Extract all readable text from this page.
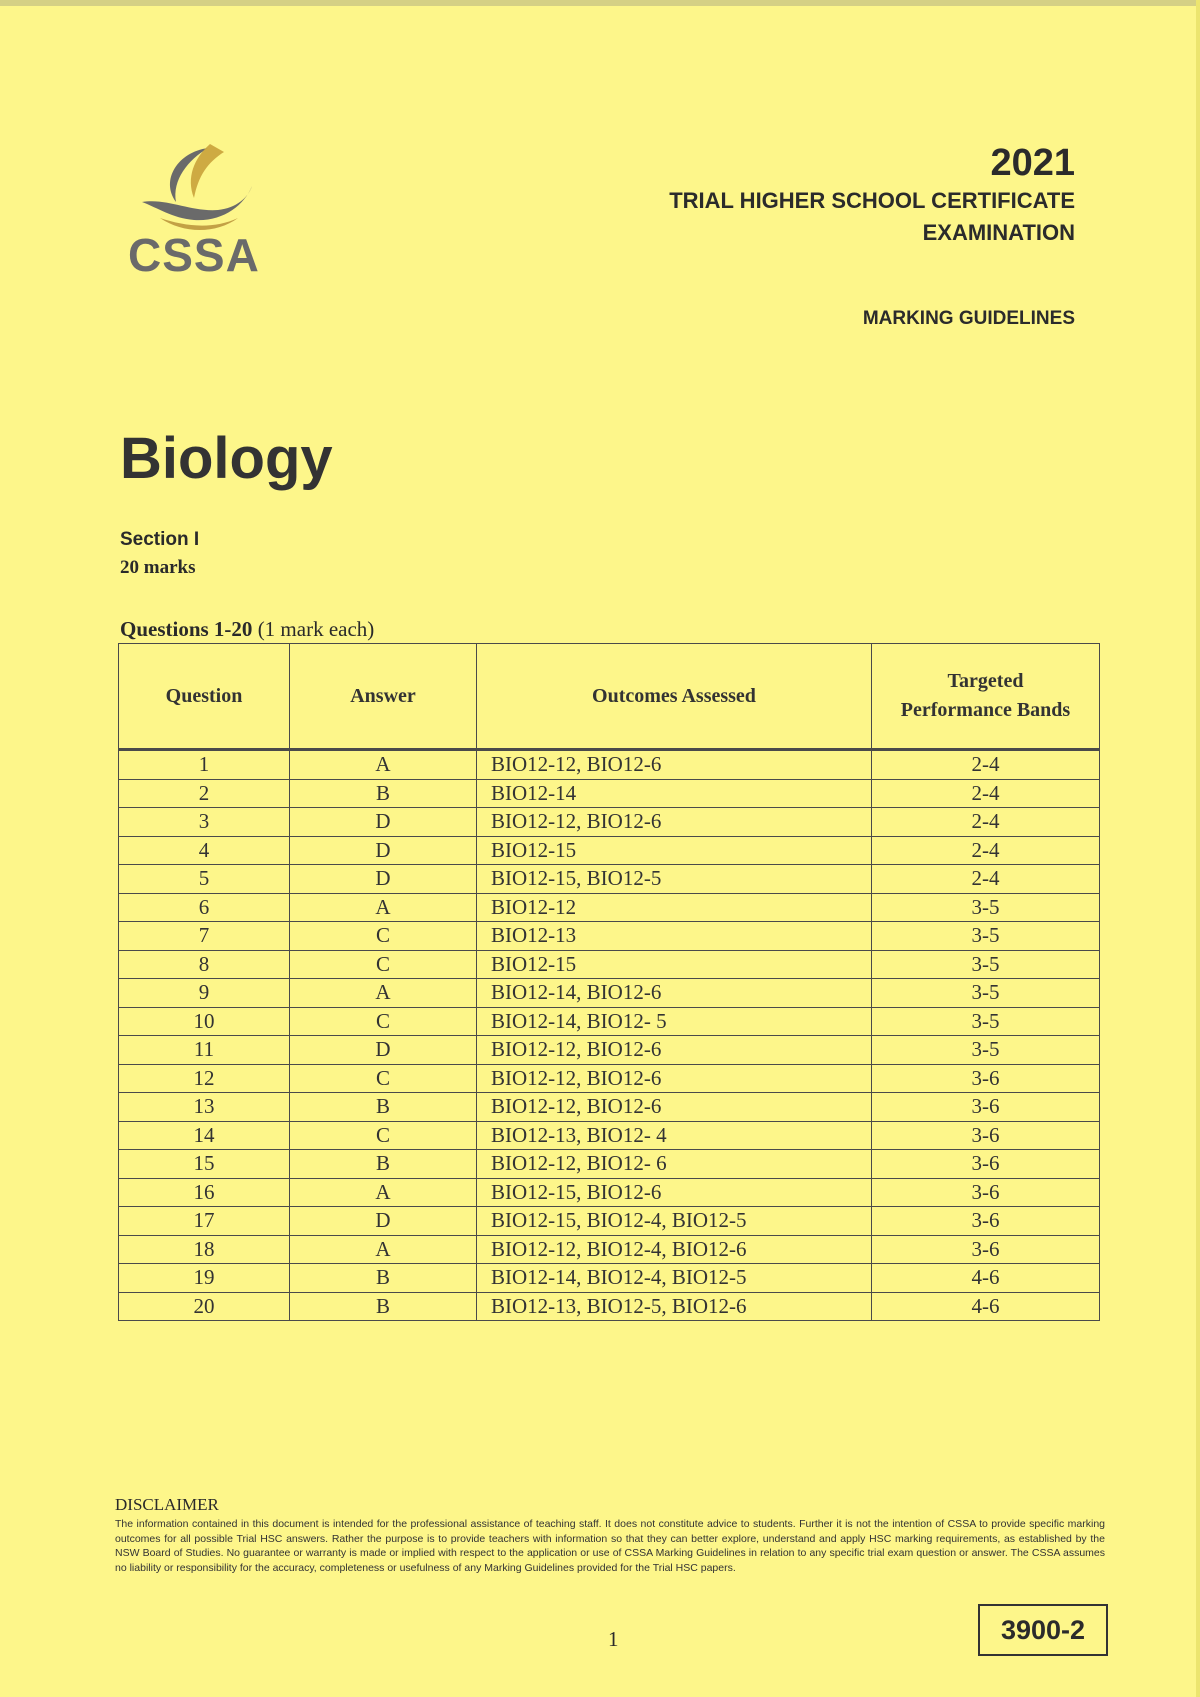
CSSA
2021
TRIAL HIGHER SCHOOL CERTIFICATE
EXAMINATION
MARKING GUIDELINES
Biology
Section I
20 marks
Questions 1-20 (1 mark each)
Question	Answer	Outcomes Assessed	Targeted
Performance Bands

1	A	BIO12-12, BIO12-6	2-4
2	B	BIO12-14	2-4
3	D	BIO12-12, BIO12-6	2-4
4	D	BIO12-15	2-4
5	D	BIO12-15, BIO12-5	2-4
6	A	BIO12-12	3-5
7	C	BIO12-13	3-5
8	C	BIO12-15	3-5
9	A	BIO12-14, BIO12-6	3-5
10	C	BIO12-14, BIO12- 5	3-5
11	D	BIO12-12, BIO12-6	3-5
12	C	BIO12-12, BIO12-6	3-6
13	B	BIO12-12, BIO12-6	3-6
14	C	BIO12-13, BIO12- 4	3-6
15	B	BIO12-12, BIO12- 6	3-6
16	A	BIO12-15, BIO12-6	3-6
17	D	BIO12-15, BIO12-4, BIO12-5	3-6
18	A	BIO12-12, BIO12-4, BIO12-6	3-6
19	B	BIO12-14, BIO12-4, BIO12-5	4-6
20	B	BIO12-13, BIO12-5, BIO12-6	4-6
DISCLAIMER
The information contained in this document is intended for the professional assistance of teaching staff. It does not constitute advice to students. Further it is not the intention of CSSA to provide specific marking outcomes for all possible Trial HSC answers. Rather the purpose is to provide teachers with information so that they can better explore, understand and apply HSC marking requirements, as established by the NSW Board of Studies. No guarantee or warranty is made or implied with respect to the application or use of CSSA Marking Guidelines in relation to any specific trial exam question or answer. The CSSA assumes no liability or responsibility for the accuracy, completeness or usefulness of any Marking Guidelines provided for the Trial HSC papers.
1	3900-2
